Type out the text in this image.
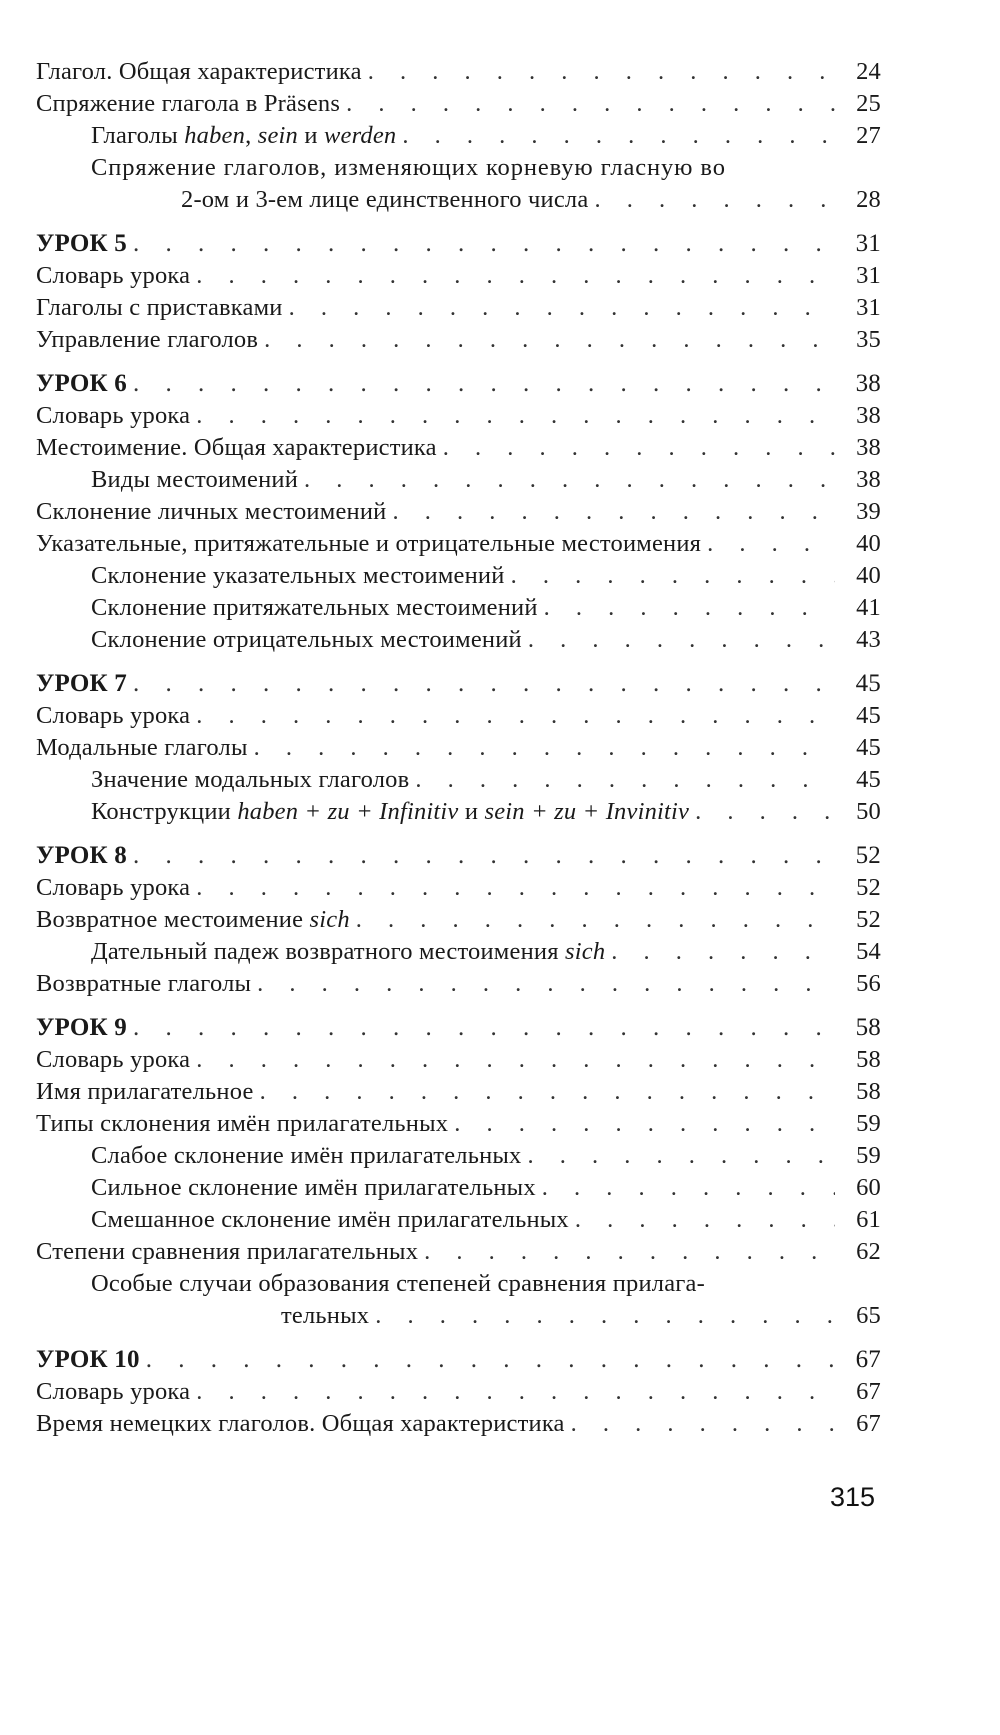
Глагол. Общая характеристика . . .	24
Спряжение глагола в Präsens . . .	25
Глаголы haben, sein и werden . . .	27
Спряжение глаголов, изменяющих корневую гласную во
2-ом и 3-ем лице единственного числа . . .	28
УРОК 5 . . .	31
Словарь урока . . .	31
Глаголы с приставками . . .	31
Управление глаголов . . .	35
УРОК 6 . . .	38
Словарь урока . . .	38
Местоимение. Общая характеристика . . .	38
Виды местоимений . . .	38
Склонение личных местоимений . . .	39
Указательные, притяжательные и отрицательные местоимения . . .	40
Склонение указательных местоимений . . .	40
Склонение притяжательных местоимений . . .	41
Склонение отрицательных местоимений . . .	43
УРОК 7 . . .	45
Словарь урока . . .	45
Модальные глаголы . . .	45
Значение модальных глаголов . . .	45
Конструкции haben + zu + Infinitiv и sein + zu + Invinitiv . . .	50
УРОК 8 . . .	52
Словарь урока . . .	52
Возвратное местоимение sich . . .	52
Дательный падеж возвратного местоимения sich . . .	54
Возвратные глаголы . . .	56
УРОК 9 . . .	58
Словарь урока . . .	58
Имя прилагательное . . .	58
Типы склонения имён прилагательных . . .	59
Слабое склонение имён прилагательных . . .	59
Сильное склонение имён прилагательных . . .	60
Смешанное склонение имён прилагательных . . .	61
Степени сравнения прилагательных . . .	62
Особые случаи образования степеней сравнения прилага-
тельных . . .	65
УРОК 10 . . .	67
Словарь урока . . .	67
Время немецких глаголов. Общая характеристика . . .	67
315
